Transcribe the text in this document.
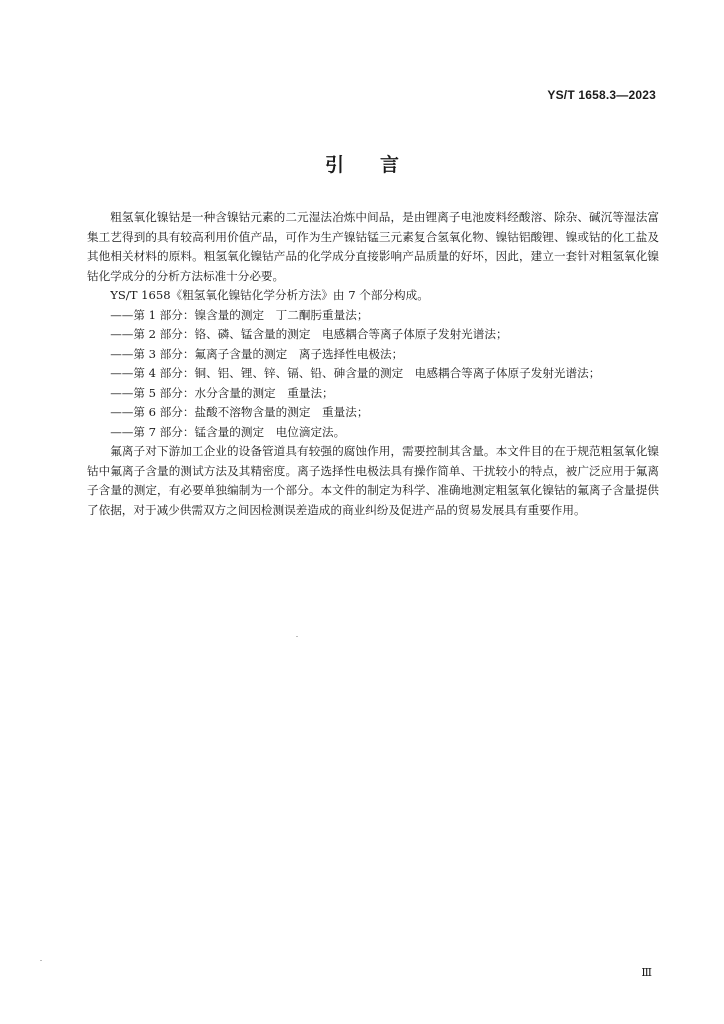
YS/T 1658.3—2023
引言

粗氢氧化镍钴是一种含镍钴元素的二元湿法冶炼中间品，是由锂离子电池废料经酸溶、除杂、碱沉等湿法富集工艺得到的具有较高利用价值产品，可作为生产镍钴锰三元素复合氢氧化物、镍钴铝酸锂、镍或钴的化工盐及其他相关材料的原料。粗氢氧化镍钴产品的化学成分直接影响产品质量的好坏，因此，建立一套针对粗氢氧化镍钴化学成分的分析方法标准十分必要。

YS/T 1658《粗氢氧化镍钴化学分析方法》由 7 个部分构成。

——第 1 部分：镍含量的测定 丁二酮肟重量法；

——第 2 部分：铬、磷、锰含量的测定 电感耦合等离子体原子发射光谱法；

——第 3 部分：氟离子含量的测定 离子选择性电极法；

——第 4 部分：铜、铝、锂、锌、镉、铅、砷含量的测定 电感耦合等离子体原子发射光谱法；

——第 5 部分：水分含量的测定 重量法；

——第 6 部分：盐酸不溶物含量的测定 重量法；

——第 7 部分：锰含量的测定 电位滴定法。

氟离子对下游加工企业的设备管道具有较强的腐蚀作用，需要控制其含量。本文件目的在于规范粗氢氧化镍钴中氟离子含量的测试方法及其精密度。离子选择性电极法具有操作简单、干扰较小的特点，被广泛应用于氟离子含量的测定，有必要单独编制为一个部分。本文件的制定为科学、准确地测定粗氢氧化镍钴的氟离子含量提供了依据，对于减少供需双方之间因检测误差造成的商业纠纷及促进产品的贸易发展具有重要作用。

Ⅲ
